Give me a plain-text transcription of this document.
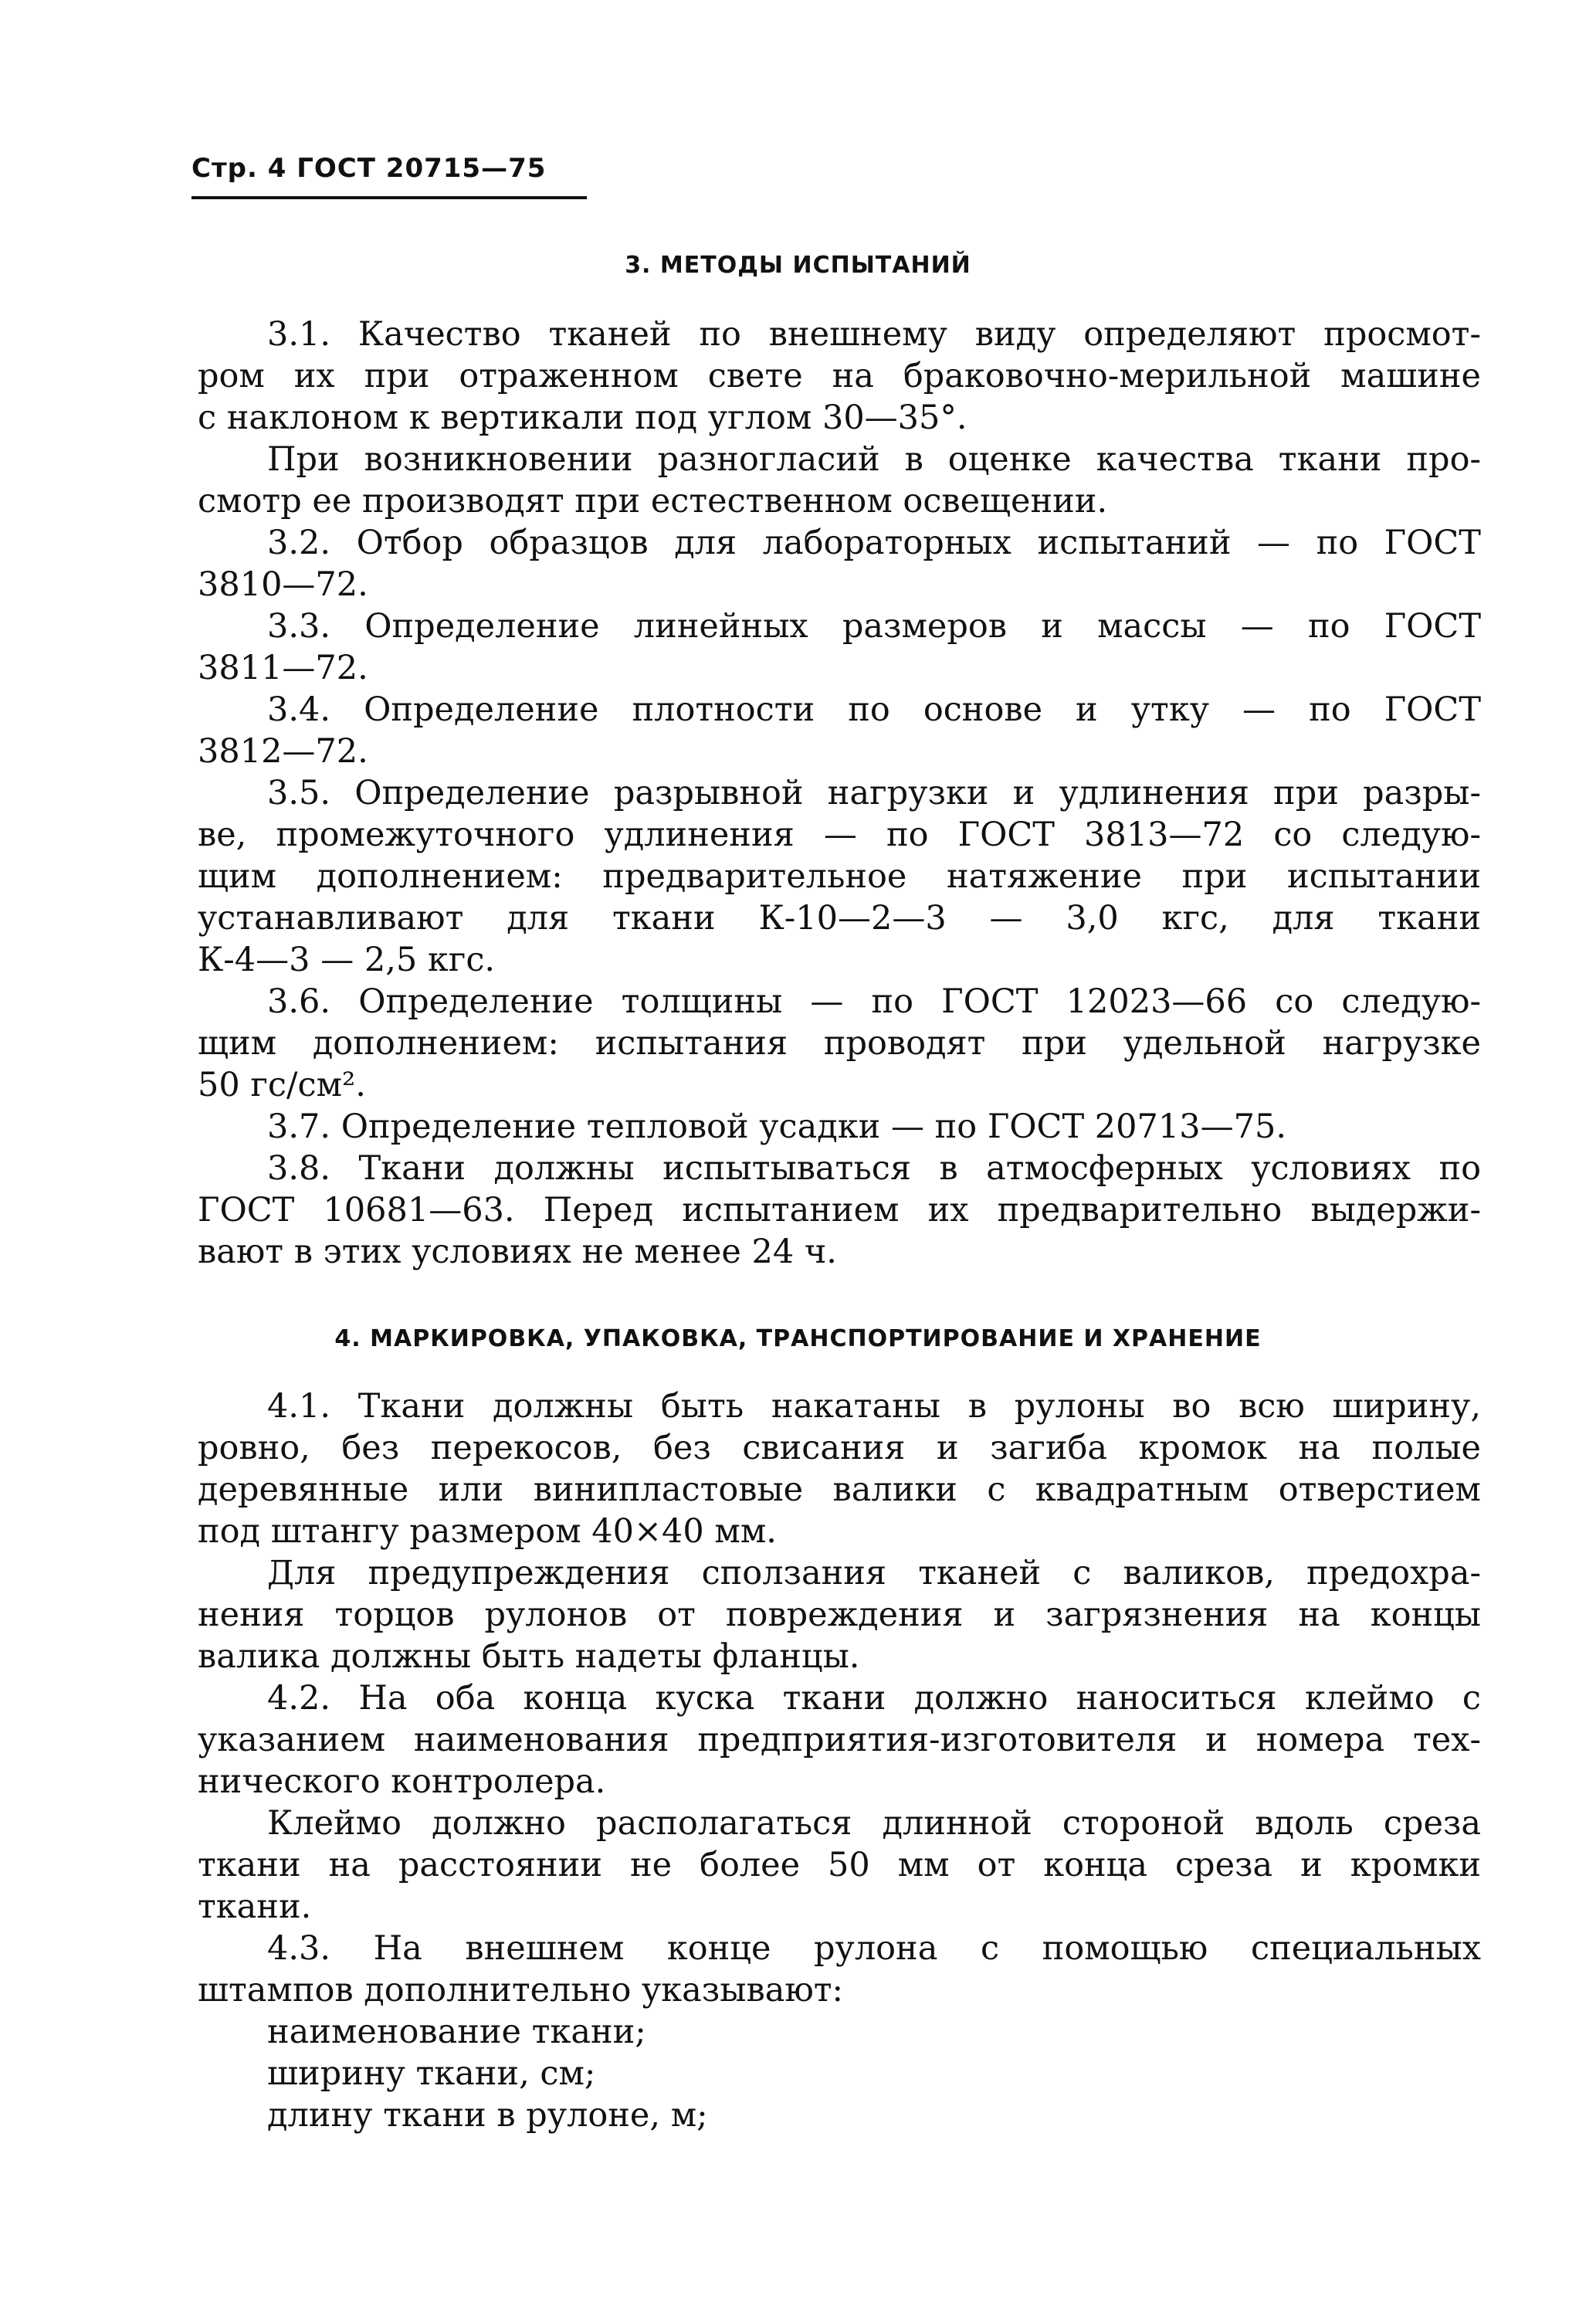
Стр. 4 ГОСТ 20715—75
3. МЕТОДЫ ИСПЫТАНИЙ
3.1. Качество тканей по внешнему виду определяют просмот-
ром их при отраженном свете на браковочно-мерильной машине
с наклоном к вертикали под углом 30—35°.
При возникновении разногласий в оценке качества ткани про-
смотр ее производят при естественном освещении.
3.2. Отбор образцов для лабораторных испытаний — по ГОСТ
3810—72.
3.3. Определение линейных размеров и массы — по ГОСТ
3811—72.
3.4. Определение плотности по основе и утку — по ГОСТ
3812—72.
3.5. Определение разрывной нагрузки и удлинения при разры-
ве, промежуточного удлинения — по ГОСТ 3813—72 со следую-
щим дополнением: предварительное натяжение при испытании
устанавливают для ткани К-10—2—3 — 3,0 кгс, для ткани
К-4—3 — 2,5 кгс.
3.6. Определение толщины — по ГОСТ 12023—66 со следую-
щим дополнением: испытания проводят при удельной нагрузке
50 гс/см².
3.7. Определение тепловой усадки — по ГОСТ 20713—75.
3.8. Ткани должны испытываться в атмосферных условиях по
ГОСТ 10681—63. Перед испытанием их предварительно выдержи-
вают в этих условиях не менее 24 ч.
4. МАРКИРОВКА, УПАКОВКА, ТРАНСПОРТИРОВАНИЕ И ХРАНЕНИЕ
4.1. Ткани должны быть накатаны в рулоны во всю ширину,
ровно, без перекосов, без свисания и загиба кромок на полые
деревянные или винипластовые валики с квадратным отверстием
под штангу размером 40×40 мм.
Для предупреждения сползания тканей с валиков, предохра-
нения торцов рулонов от повреждения и загрязнения на концы
валика должны быть надеты фланцы.
4.2. На оба конца куска ткани должно наноситься клеймо с
указанием наименования предприятия-изготовителя и номера тех-
нического контролера.
Клеймо должно располагаться длинной стороной вдоль среза
ткани на расстоянии не более 50 мм от конца среза и кромки
ткани.
4.3. На внешнем конце рулона с помощью специальных
штампов дополнительно указывают:
наименование ткани;
ширину ткани, см;
длину ткани в рулоне, м;
